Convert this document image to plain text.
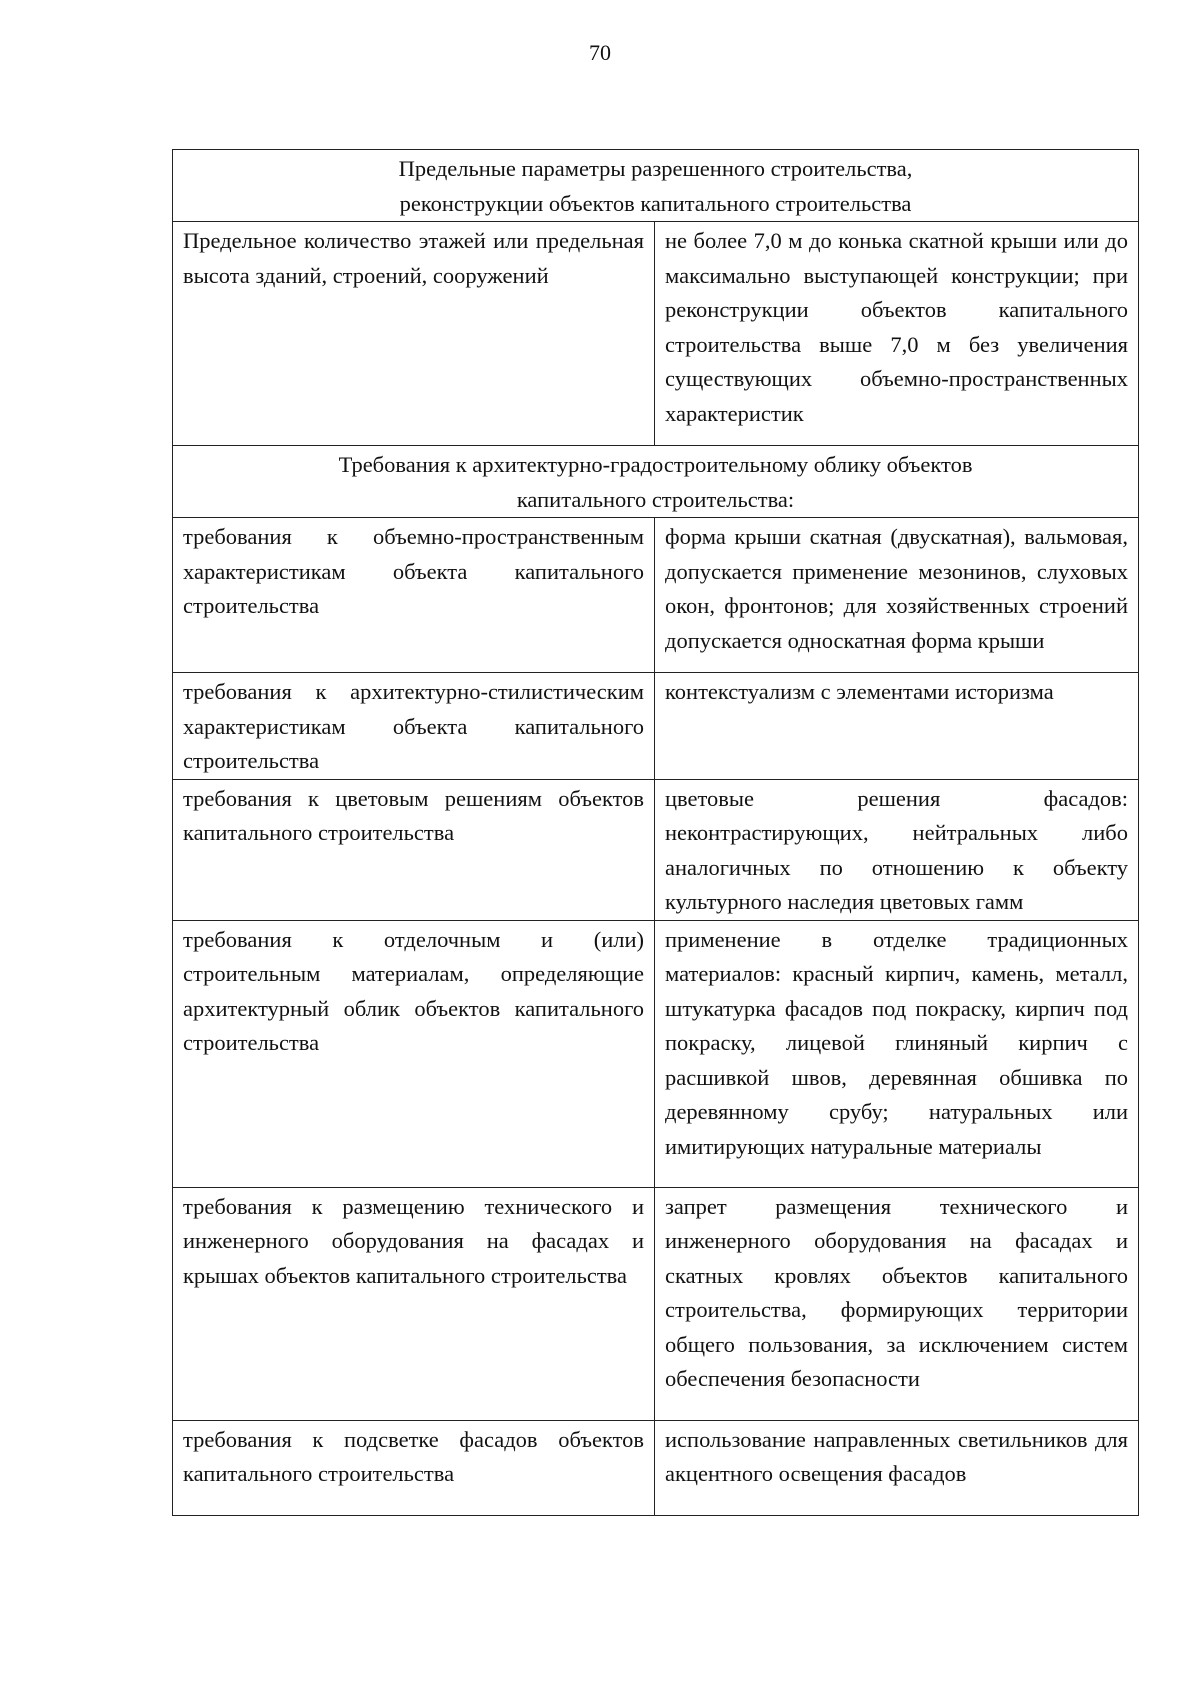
70
Предельные параметры разрешенного строительства,
реконструкции объектов капитального строительства	

Предельное количество этажей или предельная высота зданий, строений, сооружений	не более 7,0 м до конька скатной крыши или до максимально выступающей конструкции; при реконструкции объектов капитального строительства выше 7,0 м без увеличения существующих объемно-пространственных характеристик

Требования к архитектурно-градостроительному облику объектов
капитального строительства:	

требования к объемно-пространственным характеристикам объекта капитального строительства	форма крыши скатная (двускатная), вальмовая, допускается применение мезонинов, слуховых окон, фронтонов; для хозяйственных строений допускается односкатная форма крыши
требования к архитектурно-стилистическим характеристикам объекта капитального строительства	контекстуализм с элементами историзма
требования к цветовым решениям объектов капитального строительства	цветовые решения фасадов: неконтрастирующих, нейтральных либо аналогичных по отношению к объекту культурного наследия цветовых гамм
требования к отделочным и (или) строительным материалам, определяющие архитектурный облик объектов капитального строительства	применение в отделке традиционных материалов: красный кирпич, камень, металл, штукатурка фасадов под покраску, кирпич под покраску, лицевой глиняный кирпич с расшивкой швов, деревянная обшивка по деревянному срубу; натуральных или имитирующих натуральные материалы
требования к размещению технического и инженерного оборудования на фасадах и крышах объектов капитального строительства	запрет размещения технического и инженерного оборудования на фасадах и скатных кровлях объектов капитального строительства, формирующих территории общего пользования, за исключением систем обеспечения безопасности
требования к подсветке фасадов объектов капитального строительства	использование направленных светильников для акцентного освещения фасадов
